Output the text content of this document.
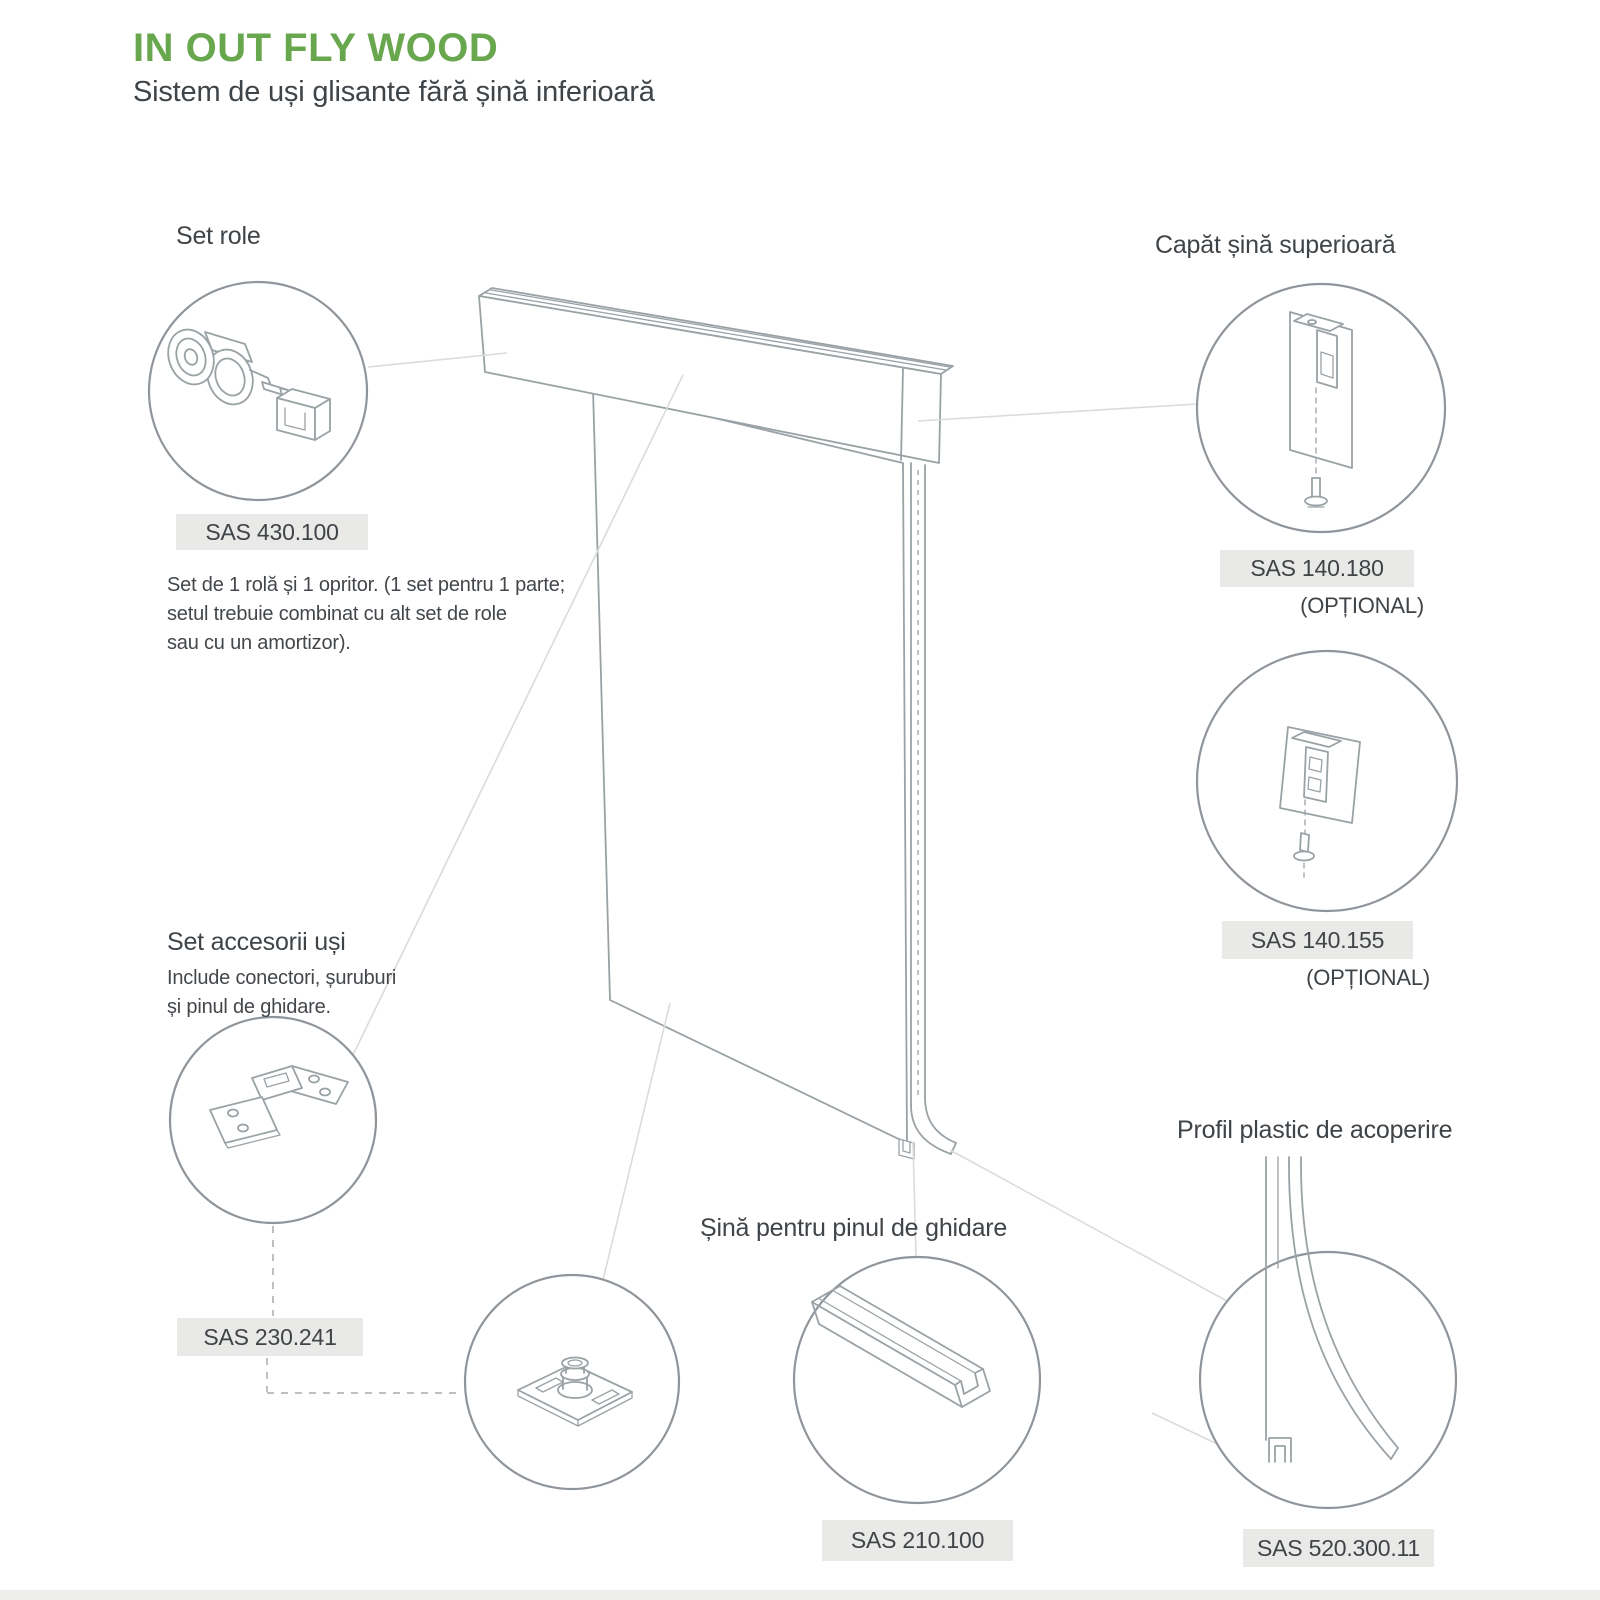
IN OUT FLY WOOD
Sistem de uși glisante fără șină inferioară
Set role
SAS 430.100
Set de 1 rolă și 1 opritor. (1 set pentru 1 parte;
setul trebuie combinat cu alt set de role
sau cu un amortizor).
Set accesorii uși
Include conectori, șuruburi
și pinul de ghidare.
SAS 230.241
Capăt șină superioară
SAS 140.180
(OPȚIONAL)
SAS 140.155
(OPȚIONAL)
Șină pentru pinul de ghidare
SAS 210.100
Profil plastic de acoperire
SAS 520.300.11
